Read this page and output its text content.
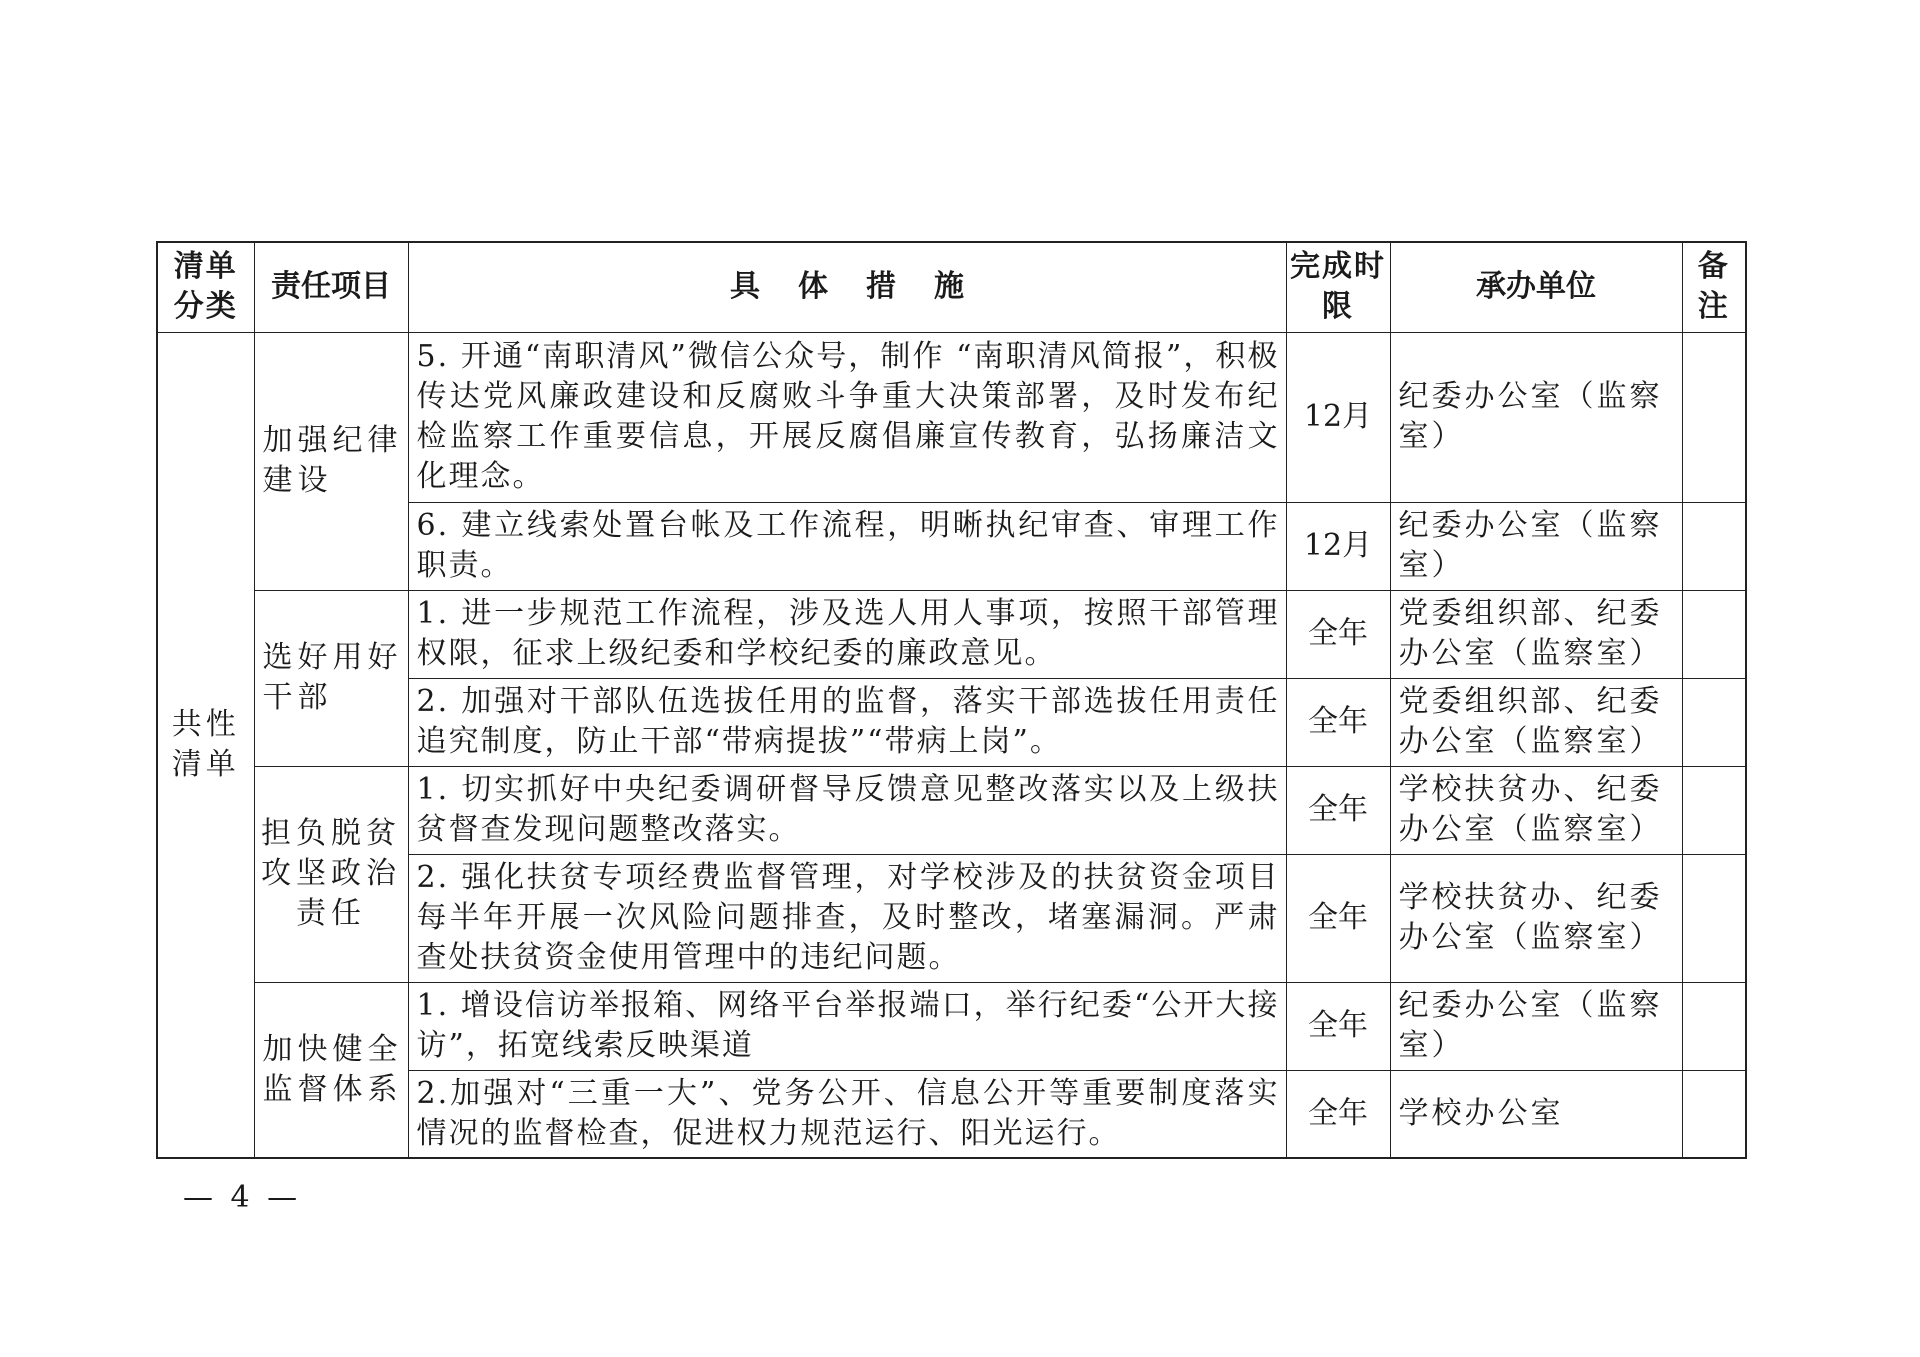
清单分类	责任项目	具体措施	完成时限	承办单位	备注
共性清单	加强纪律建设	5. 开通“南职清风”微信公众号，制作 “南职清风简报”，积极传达党风廉政建设和反腐败斗争重大决策部署，及时发布纪检监察工作重要信息，开展反腐倡廉宣传教育，弘扬廉洁文化理念。	12月	纪委办公室（监察室）	
		6. 建立线索处置台帐及工作流程，明晰执纪审查、审理工作职责。	12月	纪委办公室（监察室）	
	选好用好干部	1. 进一步规范工作流程，涉及选人用人事项，按照干部管理权限，征求上级纪委和学校纪委的廉政意见。	全年	党委组织部、纪委办公室（监察室）	
		2. 加强对干部队伍选拔任用的监督，落实干部选拔任用责任追究制度，防止干部“带病提拔”“带病上岗”。	全年	党委组织部、纪委办公室（监察室）	
	担负脱贫攻坚政治责任	1. 切实抓好中央纪委调研督导反馈意见整改落实以及上级扶贫督查发现问题整改落实。	全年	学校扶贫办、纪委办公室（监察室）	
		2. 强化扶贫专项经费监督管理，对学校涉及的扶贫资金项目每半年开展一次风险问题排查，及时整改，堵塞漏洞。严肃查处扶贫资金使用管理中的违纪问题。	全年	学校扶贫办、纪委办公室（监察室）	
	加快健全监督体系	1. 增设信访举报箱、网络平台举报端口，举行纪委“公开大接访”，拓宽线索反映渠道	全年	纪委办公室（监察室）	
		2.加强对“三重一大”、党务公开、信息公开等重要制度落实情况的监督检查，促进权力规范运行、阳光运行。	全年	学校办公室	
— 4 —
